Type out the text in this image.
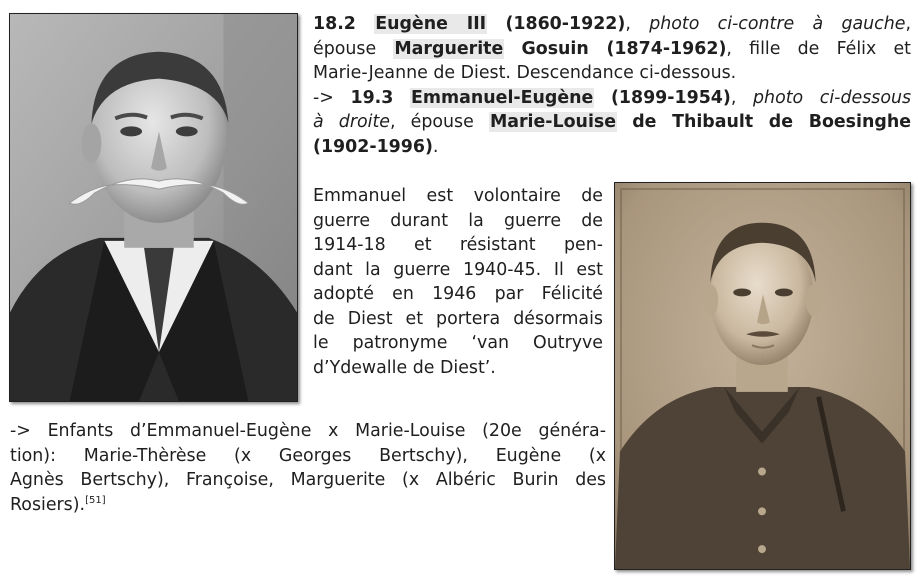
18.2 Eugène III (1860-1922), photo ci-contre à gauche,
épouse Marguerite Gosuin (1874-1962), fille de Félix et
Marie-Jeanne de Diest. Descendance ci-dessous.
-> 19.3 Emmanuel-Eugène (1899-1954), photo ci-dessous
à droite, épouse Marie-Louise de Thibault de Boesinghe
(1902-1996).
Emmanuel est volontaire de
guerre durant la guerre de
1914-18 et résistant pen-
dant la guerre 1940-45. Il est
adopté en 1946 par Félicité
de Diest et portera désormais
le patronyme ‘van Outryve
d’Ydewalle de Diest’.
-> Enfants d’Emmanuel-Eugène x Marie-Louise (20e généra-
tion): Marie-Thèrèse (x Georges Bertschy), Eugène (x
Agnès Bertschy), Françoise, Marguerite (x Albéric Burin des
Rosiers).[51]
